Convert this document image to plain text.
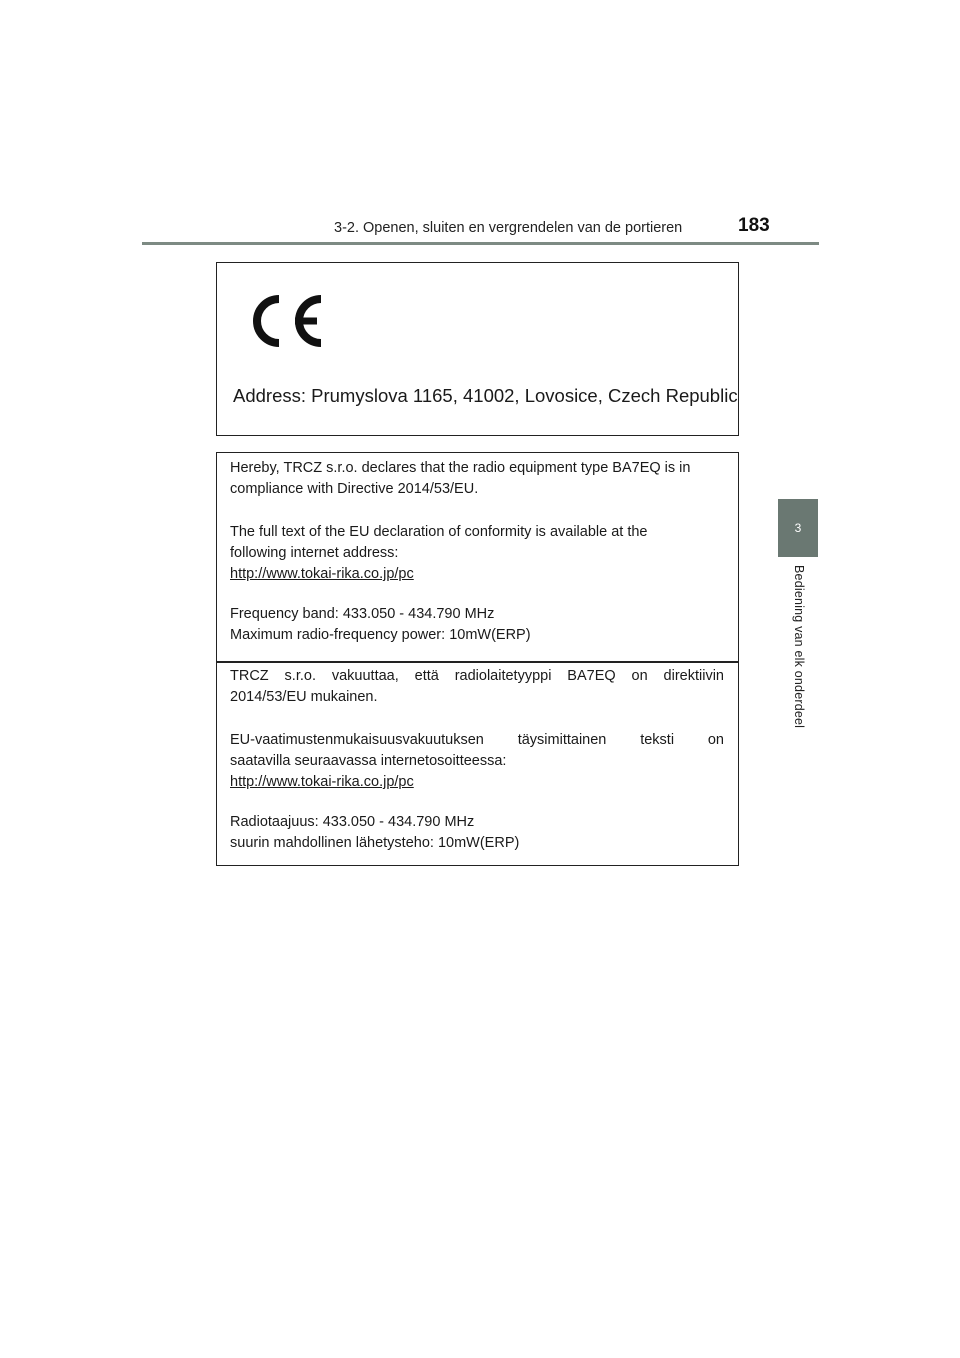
3-2. Openen, sluiten en vergrendelen van de portieren	183
3
Bediening van elk onderdeel
Address: Prumyslova 1165, 41002, Lovosice, Czech Republic

Hereby, TRCZ s.r.o. declares that the radio equipment type BA7EQ is in

compliance with Directive 2014/53/EU.

The full text of the EU declaration of conformity is available at the

following internet address:

http://www.tokai-rika.co.jp/pc

Frequency band: 433.050 - 434.790 MHz

Maximum radio-frequency power: 10mW(ERP)

TRCZ s.r.o. vakuuttaa, että radiolaitetyyppi BA7EQ on direktiivin

2014/53/EU mukainen.

EU-vaatimustenmukaisuusvakuutuksen täysimittainen teksti on

saatavilla seuraavassa internetosoitteessa:

http://www.tokai-rika.co.jp/pc

Radiotaajuus: 433.050 - 434.790 MHz

suurin mahdollinen lähetysteho: 10mW(ERP)
